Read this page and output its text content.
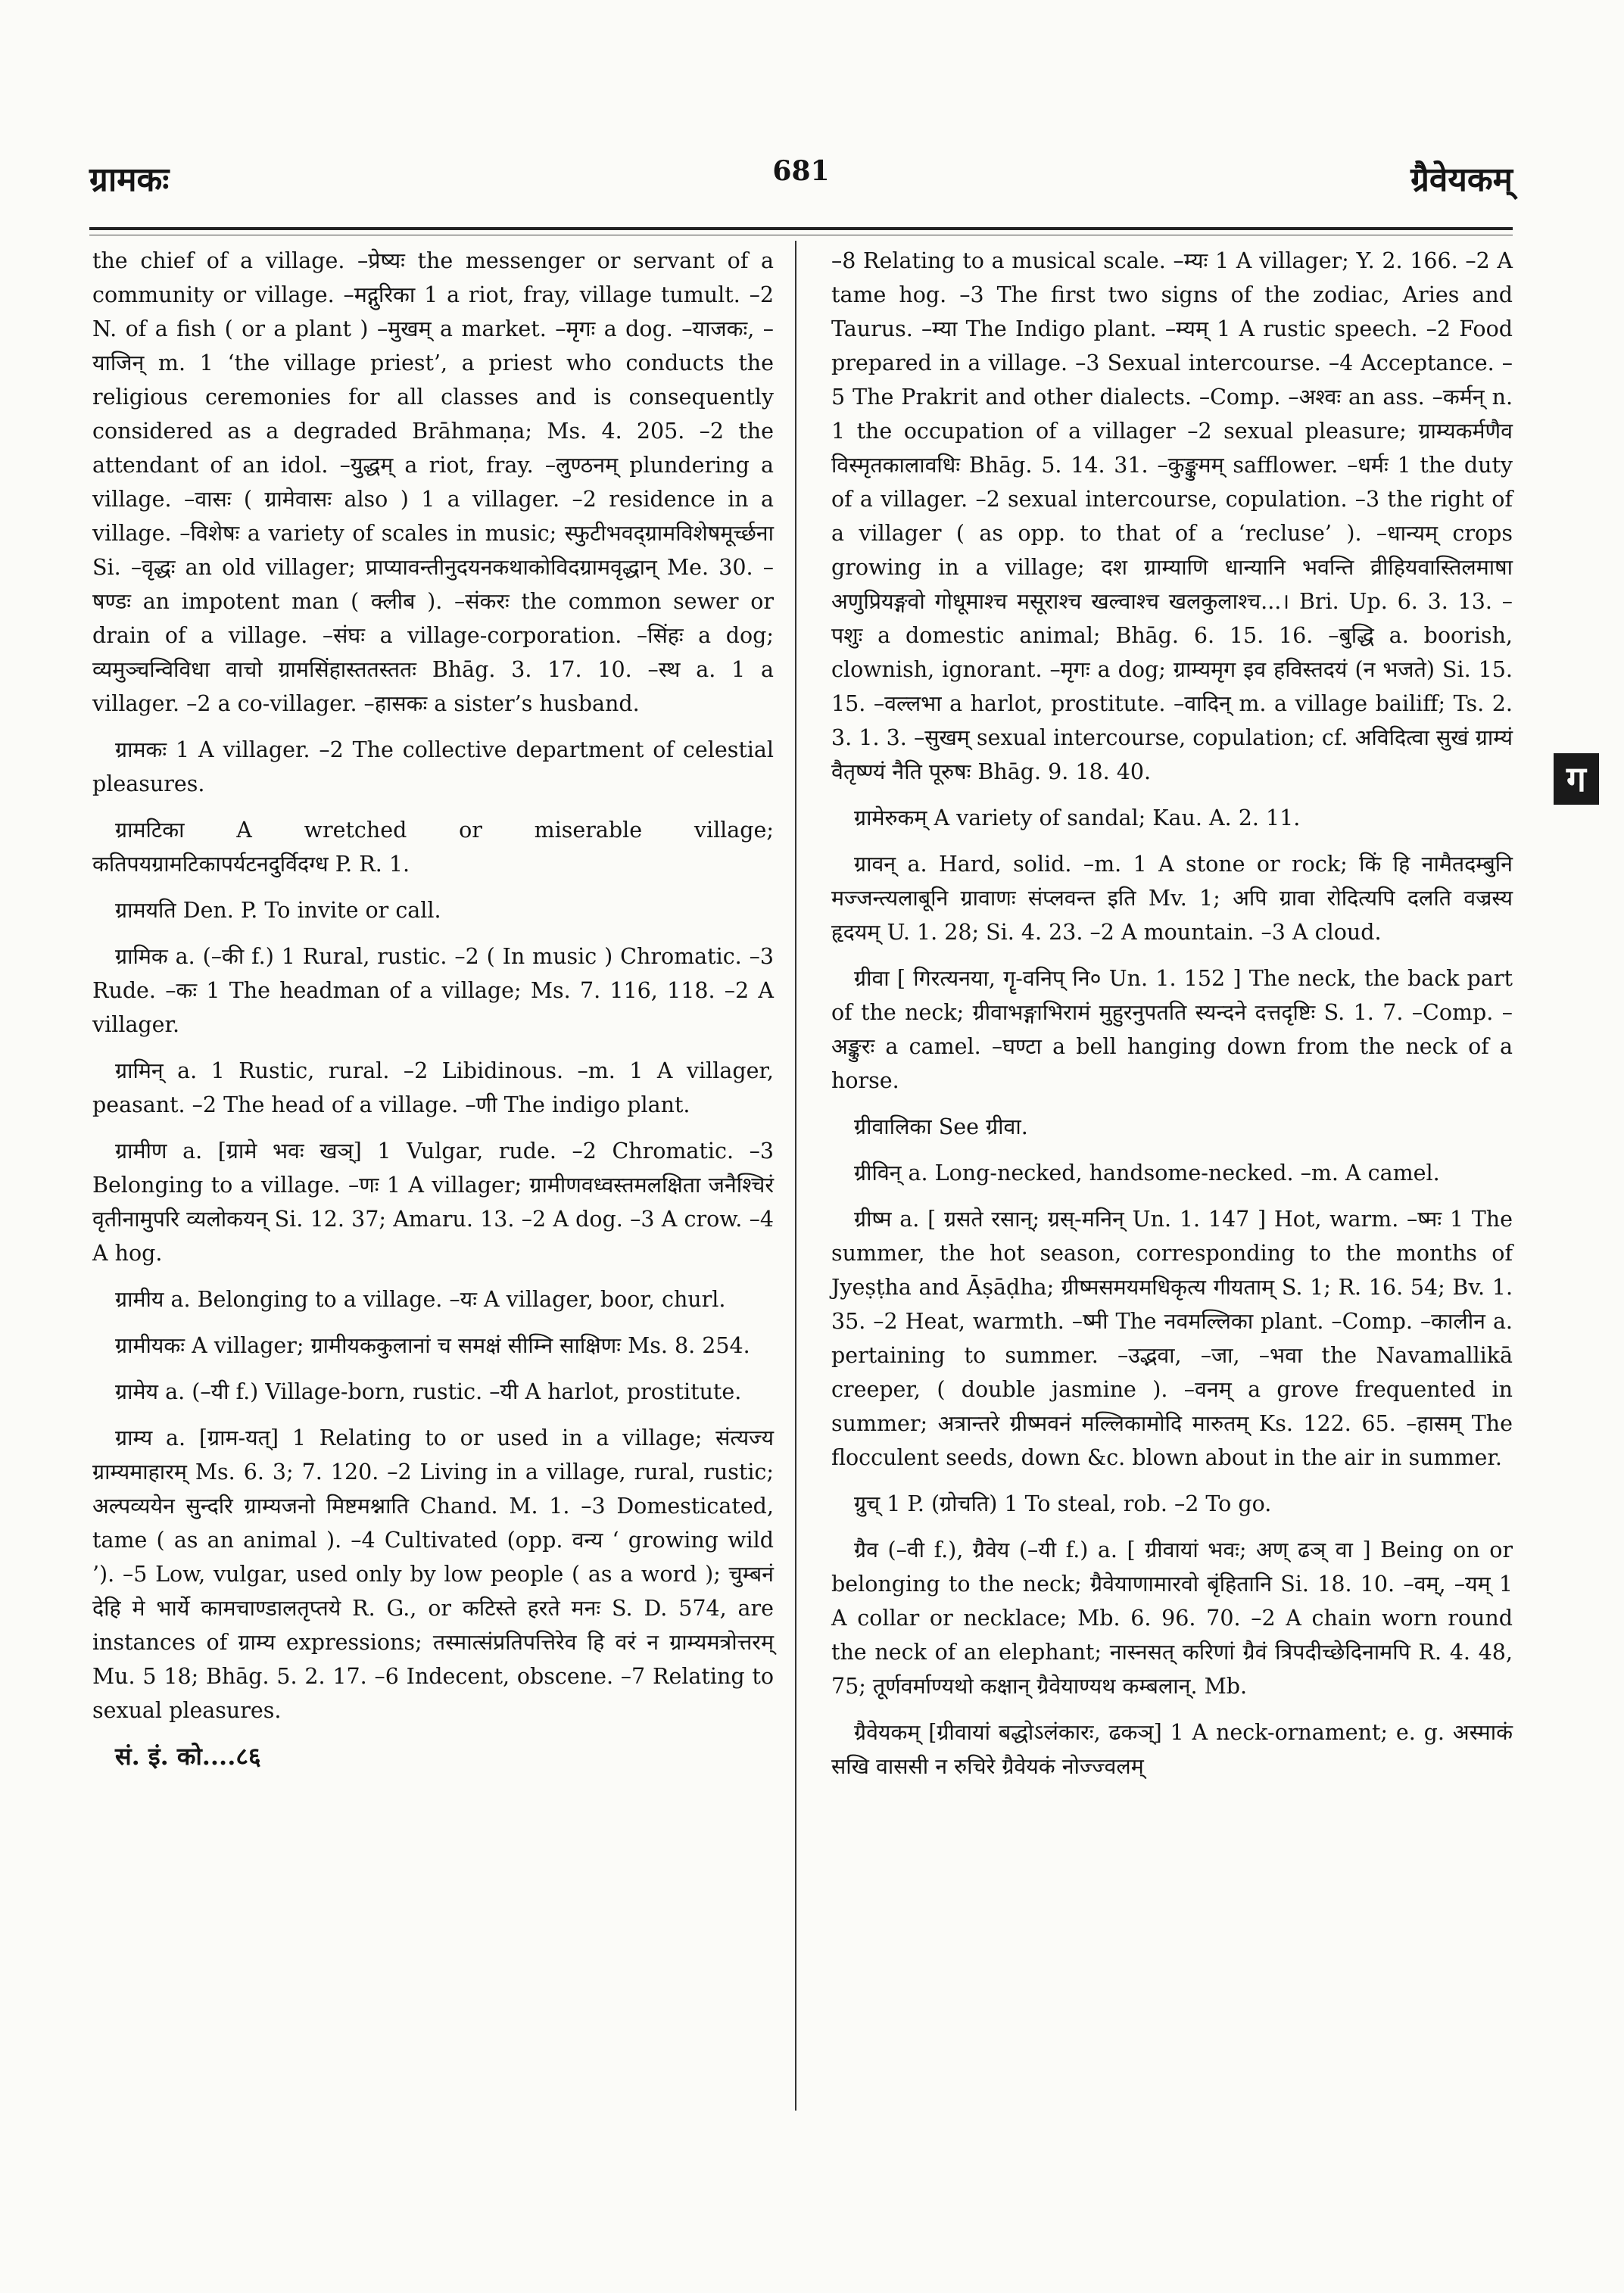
ग्रामकः	681	ग्रैवेयकम्

the chief of a village. –प्रेष्यः the messenger or servant of a community or village. –मद्गुरिका 1 a riot, fray, village tumult. –2 N. of a fish ( or a plant ) –मुखम् a market. –मृगः a dog. –याजकः, –याजिन् m. 1 ‘the village priest’, a priest who conducts the religious ceremonies for all classes and is consequently considered as a degraded Brāhmaṇa; Ms. 4. 205. –2 the attendant of an idol. –युद्धम् a riot, fray. –लुण्ठनम् plundering a village. –वासः ( ग्रामेवासः also ) 1 a villager. –2 residence in a village. –विशेषः a variety of scales in music; स्फुटीभवद्ग्रामविशेषमूर्च्छना Si. –वृद्धः an old villager; प्राप्यावन्तीनुदयनकथाकोविदग्रामवृद्धान् Me. 30. –षण्डः an impotent man ( क्लीब ). –संकरः the common sewer or drain of a village. –संघः a village-corporation. –सिंहः a dog; व्यमुञ्चन्विविधा वाचो ग्रामसिंहास्ततस्ततः Bhāg. 3. 17. 10. –स्थ a. 1 a villager. –2 a co-villager. –हासकः a sister’s husband.

ग्रामकः 1 A villager. –2 The collective department of celestial pleasures.

ग्रामटिका A wretched or miserable village; कतिपयग्रामटिकापर्यटनदुर्विदग्ध P. R. 1.

ग्रामयति Den. P. To invite or call.

ग्रामिक a. (–की f.) 1 Rural, rustic. –2 ( In music ) Chromatic. –3 Rude. –कः 1 The headman of a village; Ms. 7. 116, 118. –2 A villager.

ग्रामिन् a. 1 Rustic, rural. –2 Libidinous. –m. 1 A villager, peasant. –2 The head of a village. –णी The indigo plant.

ग्रामीण a. [ग्रामे भवः खञ्] 1 Vulgar, rude. –2 Chromatic. –3 Belonging to a village. –णः 1 A villager; ग्रामीणवध्वस्तमलक्षिता जनैश्चिरं वृतीनामुपरि व्यलोकयन् Si. 12. 37; Amaru. 13. –2 A dog. –3 A crow. –4 A hog.

ग्रामीय a. Belonging to a village. –यः A villager, boor, churl.

ग्रामीयकः A villager; ग्रामीयककुलानां च समक्षं सीम्नि साक्षिणः Ms. 8. 254.

ग्रामेय a. (–यी f.) Village-born, rustic. –यी A harlot, prostitute.

ग्राम्य a. [ग्राम-यत्] 1 Relating to or used in a village; संत्यज्य ग्राम्यमाहारम् Ms. 6. 3; 7. 120. –2 Living in a village, rural, rustic; अल्पव्ययेन सुन्दरि ग्राम्यजनो मिष्टमश्नाति Chand. M. 1. –3 Domesticated, tame ( as an animal ). –4 Cultivated (opp. वन्य ‘ growing wild ’). –5 Low, vulgar, used only by low people ( as a word ); चुम्बनं देहि मे भार्ये कामचाण्डालतृप्तये R. G., or कटिस्ते हरते मनः S. D. 574, are instances of ग्राम्य expressions; तस्मात्संप्रतिपत्तिरेव हि वरं न ग्राम्यमत्रोत्तरम् Mu. 5 18; Bhāg. 5. 2. 17. –6 Indecent, obscene. –7 Relating to sexual pleasures.

सं. इं. को....८६

–8 Relating to a musical scale. –म्यः 1 A villager; Y. 2. 166. –2 A tame hog. –3 The first two signs of the zodiac, Aries and Taurus. –म्या The Indigo plant. –म्यम् 1 A rustic speech. –2 Food prepared in a village. –3 Sexual intercourse. –4 Acceptance. –5 The Prakrit and other dialects. –Comp. –अश्वः an ass. –कर्मन् n. 1 the occupation of a villager –2 sexual pleasure; ग्राम्यकर्मणैव विस्मृतकालावधिः Bhāg. 5. 14. 31. –कुङ्कुमम् safflower. –धर्मः 1 the duty of a villager. –2 sexual intercourse, copulation. –3 the right of a villager ( as opp. to that of a ‘recluse’ ). –धान्यम् crops growing in a village; दश ग्राम्याणि धान्यानि भवन्ति व्रीहियवास्तिलमाषा अणुप्रियङ्गवो गोधूमाश्च मसूराश्च खल्वाश्च खलकुलाश्च...। Bri. Up. 6. 3. 13. –पशुः a domestic animal; Bhāg. 6. 15. 16. –बुद्धि a. boorish, clownish, ignorant. –मृगः a dog; ग्राम्यमृग इव हविस्तदयं (न भजते) Si. 15. 15. –वल्लभा a harlot, prostitute. –वादिन् m. a village bailiff; Ts. 2. 3. 1. 3. –सुखम् sexual intercourse, copulation; cf. अविदित्वा सुखं ग्राम्यं वैतृष्ण्यं नैति पूरुषः Bhāg. 9. 18. 40.

ग्रामेरुकम् A variety of sandal; Kau. A. 2. 11.

ग्रावन् a. Hard, solid. –m. 1 A stone or rock; किं हि नामैतदम्बुनि मज्जन्त्यलाबूनि ग्रावाणः संप्लवन्त इति Mv. 1; अपि ग्रावा रोदित्यपि दलति वज्रस्य हृदयम् U. 1. 28; Si. 4. 23. –2 A mountain. –3 A cloud.

ग्रीवा [ गिरत्यनया, गॄ-वनिप् नि० Un. 1. 152 ] The neck, the back part of the neck; ग्रीवाभङ्गाभिरामं मुहुरनुपतति स्यन्दने दत्तदृष्टिः S. 1. 7. –Comp. –अङ्कुरः a camel. –घण्टा a bell hanging down from the neck of a horse.

ग्रीवालिका See ग्रीवा.

ग्रीविन् a. Long-necked, handsome-necked. –m. A camel.

ग्रीष्म a. [ ग्रसते रसान्; ग्रस्-मनिन् Un. 1. 147 ] Hot, warm. –ष्मः 1 The summer, the hot season, corresponding to the months of Jyeṣṭha and Āṣāḍha; ग्रीष्मसमयमधिकृत्य गीयताम् S. 1; R. 16. 54; Bv. 1. 35. –2 Heat, warmth. –ष्मी The नवमल्लिका plant. –Comp. –कालीन a. pertaining to summer. –उद्भवा, –जा, –भवा the Navamallikā creeper, ( double jasmine ). –वनम् a grove frequented in summer; अत्रान्तरे ग्रीष्मवनं मल्लिकामोदि मारुतम् Ks. 122. 65. –हासम् The flocculent seeds, down &c. blown about in the air in summer.

ग्रुच् 1 P. (ग्रोचति) 1 To steal, rob. –2 To go.

ग्रैव (–वी f.), ग्रैवेय (–यी f.) a. [ ग्रीवायां भवः; अण् ढञ् वा ] Being on or belonging to the neck; ग्रैवेयाणामारवो बृंहितानि Si. 18. 10. –वम्, –यम् 1 A collar or necklace; Mb. 6. 96. 70. –2 A chain worn round the neck of an elephant; नास्नसत् करिणां ग्रैवं त्रिपदीच्छेदिनामपि R. 4. 48, 75; तूर्णवर्माण्यथो कक्षान् ग्रैवेयाण्यथ कम्बलान्. Mb.

ग्रैवेयकम् [ग्रीवायां बद्धोऽलंकारः, ढकञ्] 1 A neck-ornament; e. g. अस्माकं सखि वाससी न रुचिरे ग्रैवेयकं नोज्ज्वलम्

ग
